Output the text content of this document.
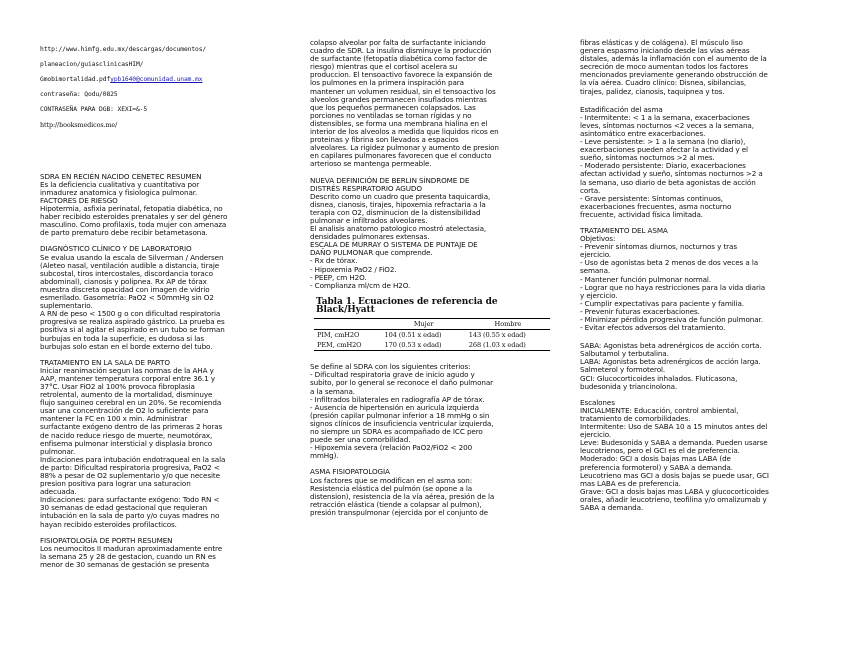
http://www.himfg.edu.mx/descargas/documentos/

planeacion/guiasclinicasHIM/

Gmobimortalidad.pdfypb1640@comunidad.unam.mx

contraseña: Qodu/0825

CONTRASEÑA PARA DGB: XEXI=&-5

http://booksmedicos.me/

SDRA EN RECIÉN NACIDO CENETEC RESUMEN
Es la deficiencia cualitativa y cuantitativa por
inmadurez anatomica y fisiologica pulmonar.
FACTORES DE RIESGO
Hipotermia, asfixia perinatal, fetopatia diabética, no
haber recibido esteroides prenatales y ser del género
masculino. Como profilaxis, toda mujer con amenaza
de parto prematuro debe recibir betametasona.

DIAGNÓSTICO CLÍNICO Y DE LABORATORIO
Se evalua usando la escala de Silverman / Andersen
(Aleteo nasal, ventilación audible a distancia, tiraje
subcostal, tiros intercostales, discordancia toraco
abdominal), cianosis y polipnea. Rx AP de tórax
muestra discreta opacidad con imagen de vidrio
esmerilado. Gasometría: PaO2 < 50mmHg sin O2
suplementario.
A RN de peso < 1500 g o con dificultad respiratoria
progresiva se realiza aspirado gástrico. La prueba es
positiva si al agitar el aspirado en un tubo se forman
burbujas en toda la superficie, es dudosa si las
burbujas solo estan en el borde externo del tubo.

TRATAMIENTO EN LA SALA DE PARTO
Iniciar reanimación segun las normas de la AHA y
AAP, mantener temperatura corporal entre 36.1 y
37°C. Usar FiO2 al 100% provoca fibroplasia
retrolental, aumento de la mortalidad, disminuye
flujo sanguineo cerebral en un 20%. Se recomienda
usar una concentración de O2 lo suficiente para
mantener la FC en 100 x min. Administrar
surfactante exógeno dentro de las primeras 2 horas
de nacido reduce riesgo de muerte, neumotórax,
enfisema pulmonar intersticial y displasia bronco
pulmonar.
Indicaciones para intubación endotraqueal en la sala
de parto: Dificultad respiratoria progresiva, PaO2 <
88% a pesar de O2 suplementario y/o que necesite
presion positiva para lograr una saturacion
adecuada.
Indicaciones: para surfactante exógeno: Todo RN <
30 semanas de edad gestacional que requieran
intubación en la sala de parto y/o cuyas madres no
hayan recibido esteroides profilacticos.

FISIOPATOLOGÍA DE PORTH RESUMEN
Los neumocitos II maduran aproximadamente entre
la semana 25 y 28 de gestacion, cuando un RN es
menor de 30 semanas de gestación se presenta

colapso alveolar por falta de surfactante iniciando
cuadro de SDR. La insulina disminuye la producción
de surfactante (fetopatía diabética como factor de
riesgo) mientras que el cortisol acelera su
produccion. El tensoactivo favorece la expansión de
los pulmones en la primera inspiración para
mantener un volumen residual, sin el tensoactivo los
alveolos grandes permanecen insuflados mientras
que los pequeños permanecen colapsados. Las
porciones no ventiladas se tornan rígidas y no
distensibles, se forma una membrana hialina en el
interior de los alveolos a medida que liquidos ricos en
proteinas y fibrina son llevados a espacios
alveolares. La rigidez pulmonar y aumento de presion
en capilares pulmonares favorecen que el conducto
arterioso se mantenga permeable.

NUEVA DEFINICIÓN DE BERLIN SÍNDROME DE
DISTRÉS RESPIRATORIO AGUDO
Descrito como un cuadro que presenta taquicardia,
disnea, cianosis, tirajes, hipoxemia refractaria a la
terapia con O2, disminucion de la distensibilidad
pulmonar e infiltrados alveolares.
El analisis anatomo patologico mostró atelectasia,
densidades pulmonares extensas.
ESCALA DE MURRAY O SISTEMA DE PUNTAJE DE
DAÑO PULMONAR que comprende.
- Rx de tórax.
- Hipoxemia PaO2 / FiO2.
- PEEP, cm H2O.
- Complianza ml/cm de H2O.

Tabla 1. Ecuaciones de referencia de Black/Hyatt
	Mujer	Hombre
PIM, cmH2O	104 (0.51 x edad)	143 (0.55 x edad)
PEM, cmH2O	170 (0.53 x edad)	268 (1.03 x edad)

Se define al SDRA con los siguientes criterios:
- Dificultad respiratoria grave de inicio agudo y
subito, por lo general se reconoce el daño pulmonar
a la semana.
- Infiltrados bilaterales en radiografía AP de tórax.
- Ausencia de hipertensión en auricula izquierda
(presión capilar pulmonar inferior a 18 mmHg o sin
signos clínicos de insuficiencia ventricular izquierda,
no siempre un SDRA es acompañado de ICC pero
puede ser una comorbilidad.
- Hipoxemia severa (relación PaO2/FiO2 < 200
mmHg).

ASMA FISIOPATOLOGÍA
Los factores que se modifican en el asma son:
Resistencia elástica del pulmón (se opone a la
distension), resistencia de la vía aérea, presión de la
retracción elástica (tiende a colapsar al pulmon),
presión transpulmonar (ejercida por el conjunto de

fibras elásticas y de colágena). El músculo liso
genera espasmo iniciando desde las vías aéreas
distales, además la inflamación con el aumento de la
secreción de moco aumentan todos los factores
mencionados previamente generando obstrucción de
la vía aérea. Cuadro clínico: Disnea, sibilancias,
tirajes, palidez, cianosis, taquipnea y tos.

Estadificación del asma
- Intermitente: < 1 a la semana, exacerbaciones
leves, síntomas nocturnos <2 veces a la semana,
asintomático entre exacerbaciones.
- Leve persistente: > 1 a la semana (no diario),
exacerbaciones pueden afectar la actividad y el
sueño, síntomas nocturnos >2 al mes.
- Moderado persistente: Diario, exacerbaciones
afectan actividad y sueño, síntomas nocturnos >2 a
la semana, uso diario de beta agonistas de acción
corta.
- Grave persistente: Síntomas continuos,
exacerbaciones frecuentes, asma nocturno
frecuente, actividad física limitada.

TRATAMIENTO DEL ASMA
Objetivos:
- Prevenir síntomas diurnos, nocturnos y tras
ejercicio.
- Uso de agonistas beta 2 menos de dos veces a la
semana.
- Mantener función pulmonar normal.
- Lograr que no haya restricciones para la vida diaria
y ejercicio.
- Cumplir expectativas para paciente y familia.
- Prevenir futuras exacerbaciones.
- Minimizar pérdida progresiva de función pulmonar.
- Evitar efectos adversos del tratamiento.

SABA: Agonistas beta adrenérgicos de acción corta.
Salbutamol y terbutalina.
LABA: Agonistas beta adrenérgicos de acción larga.
Salmeterol y formoterol.
GCI: Glucocorticoides inhalados. Fluticasona,
budesonida y triancinolona.

Escalones
INICIALMENTE: Educación, control ambiental,
tratamiento de comorbilidades.
Intermitente: Uso de SABA 10 a 15 minutos antes del
ejercicio.
Leve: Budesonida y SABA a demanda. Pueden usarse
leucotrienos, pero el GCI es el de preferencia.
Moderado: GCI a dosis bajas mas LABA (de
preferencia formoterol) y SABA a demanda.
Leucotrieno mas GCI a dosis bajas se puede usar, GCI
mas LABA es de preferencia.
Grave: GCI a dosis bajas mas LABA y glucocorticoides
orales, añadir leucotrieno, teofilina y/o omalizumab y
SABA a demanda.
